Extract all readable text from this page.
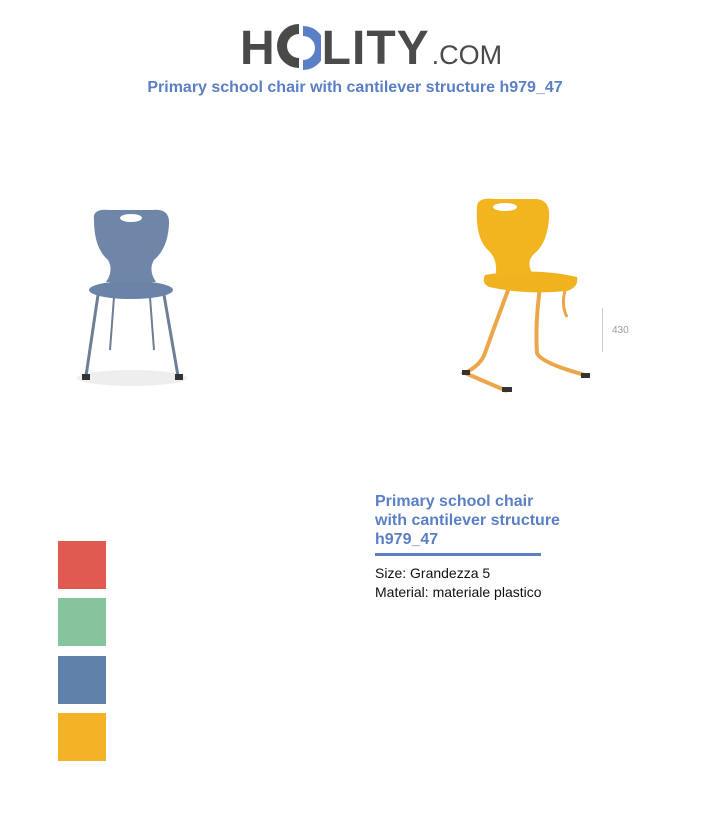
H LITY .COM
Primary school chair with cantilever structure h979_47
430
Primary school chair
with cantilever structure
h979_47
Size: Grandezza 5
Material: materiale plastico
